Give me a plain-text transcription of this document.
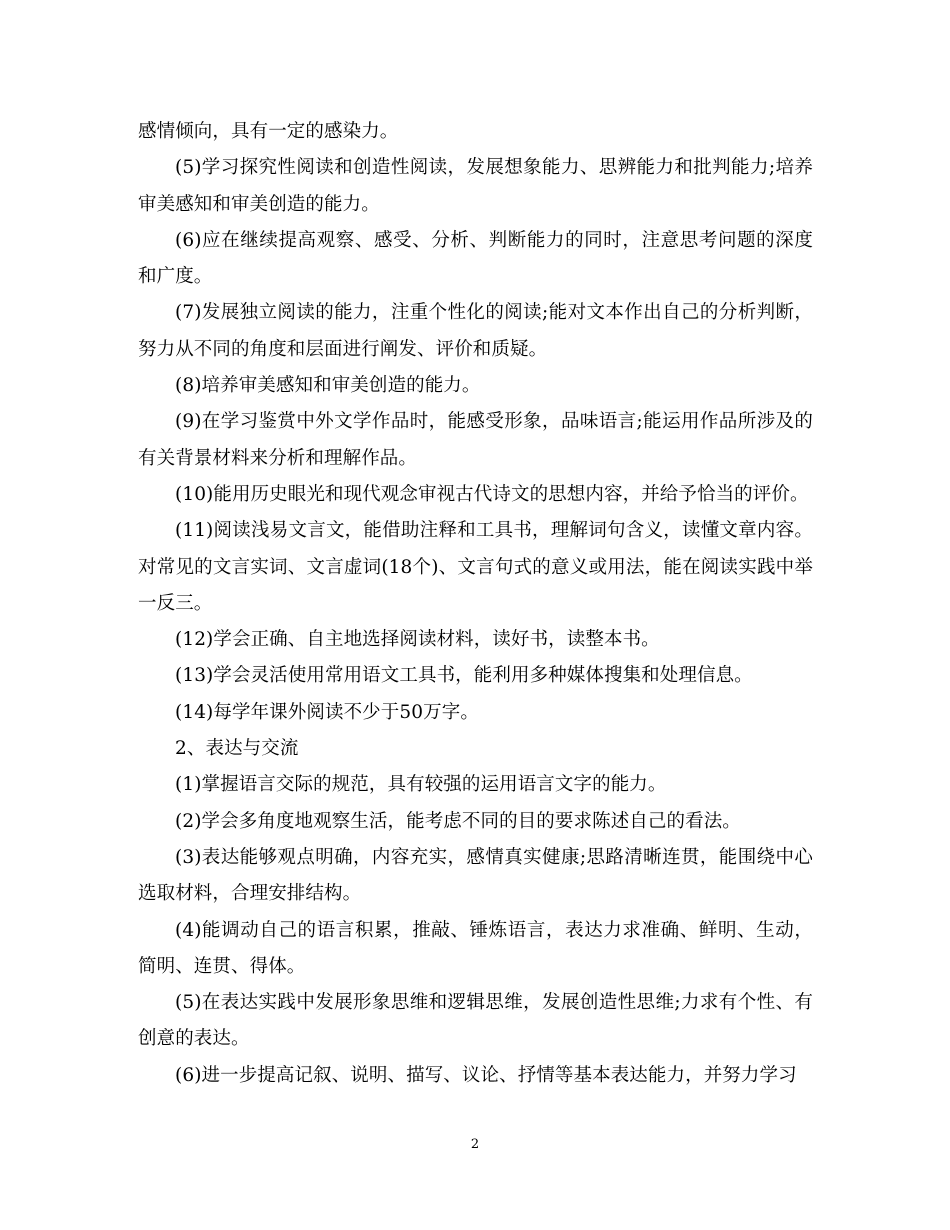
感情倾向，具有一定的感染力。

(5)学习探究性阅读和创造性阅读，发展想象能力、思辨能力和批判能力;培养审美感知和审美创造的能力。

(6)应在继续提高观察、感受、分析、判断能力的同时，注意思考问题的深度和广度。

(7)发展独立阅读的能力，注重个性化的阅读;能对文本作出自己的分析判断，努力从不同的角度和层面进行阐发、评价和质疑。

(8)培养审美感知和审美创造的能力。

(9)在学习鉴赏中外文学作品时，能感受形象，品味语言;能运用作品所涉及的有关背景材料来分析和理解作品。

(10)能用历史眼光和现代观念审视古代诗文的思想内容，并给予恰当的评价。

(11)阅读浅易文言文，能借助注释和工具书，理解词句含义，读懂文章内容。对常见的文言实词、文言虚词(18个)、文言句式的意义或用法，能在阅读实践中举一反三。

(12)学会正确、自主地选择阅读材料，读好书，读整本书。

(13)学会灵活使用常用语文工具书，能利用多种媒体搜集和处理信息。

(14)每学年课外阅读不少于50万字。

2、表达与交流

(1)掌握语言交际的规范，具有较强的运用语言文字的能力。

(2)学会多角度地观察生活，能考虑不同的目的要求陈述自己的看法。

(3)表达能够观点明确，内容充实，感情真实健康;思路清晰连贯，能围绕中心选取材料，合理安排结构。

(4)能调动自己的语言积累，推敲、锤炼语言，表达力求准确、鲜明、生动，简明、连贯、得体。

(5)在表达实践中发展形象思维和逻辑思维，发展创造性思维;力求有个性、有创意的表达。

(6)进一步提高记叙、说明、描写、议论、抒情等基本表达能力，并努力学习

2
